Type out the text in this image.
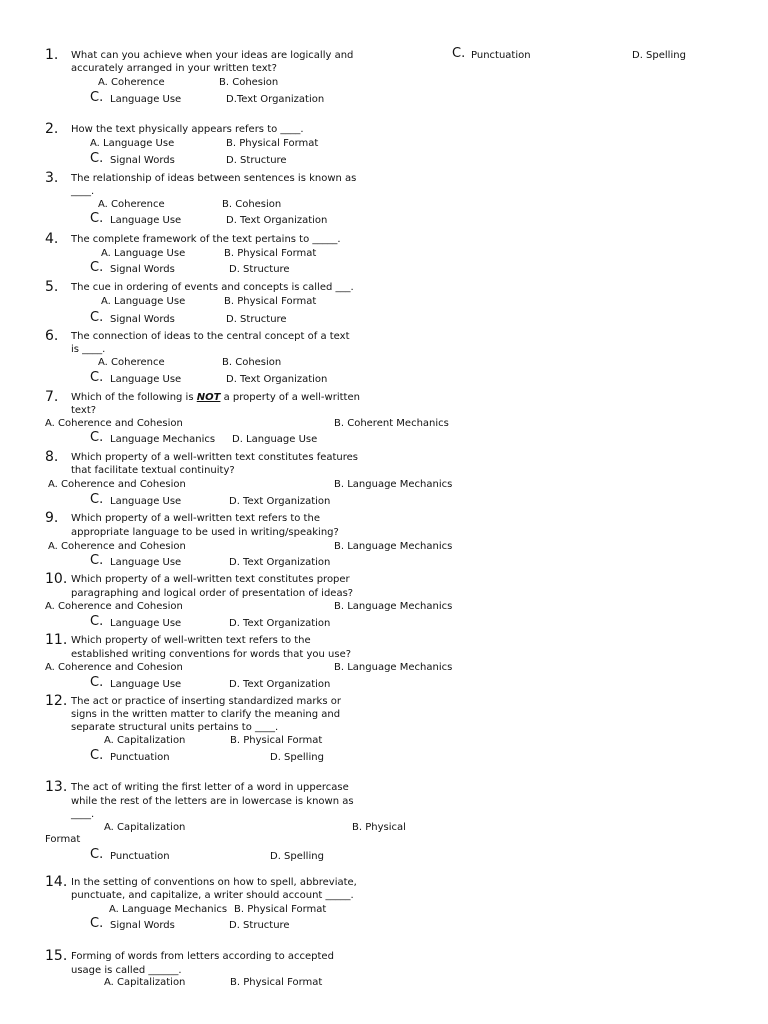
1. What can you achieve when your ideas are logically and
accurately arranged in your written text?
A. Coherence	B. Cohesion
C. Language Use	D.Text Organization
C. Punctuation	D. Spelling
2. How the text physically appears refers to ____.
A. Language Use	B. Physical Format
C. Signal Words	D. Structure
3. The relationship of ideas between sentences is known as
____.
A. Coherence	B. Cohesion
C. Language Use	D. Text Organization
4. The complete framework of the text pertains to _____.
A. Language Use	B. Physical Format
C. Signal Words	D. Structure
5. The cue in ordering of events and concepts is called ___.
A. Language Use	B. Physical Format
C. Signal Words	D. Structure
6. The connection of ideas to the central concept of a text
is ____.
A. Coherence	B. Cohesion
C. Language Use	D. Text Organization
7. Which of the following is NOT a property of a well-written
text?
A. Coherence and Cohesion	B. Coherent Mechanics
C. Language Mechanics D. Language Use
8. Which property of a well-written text constitutes features
that facilitate textual continuity?
A. Coherence and Cohesion	B. Language Mechanics
C. Language Use	D. Text Organization
9. Which property of a well-written text refers to the
appropriate language to be used in writing/speaking?
A. Coherence and Cohesion	B. Language Mechanics
C. Language Use	D. Text Organization
10. Which property of a well-written text constitutes proper
paragraphing and logical order of presentation of ideas?
A. Coherence and Cohesion	B. Language Mechanics
C. Language Use	D. Text Organization
11. Which property of well-written text refers to the
established writing conventions for words that you use?
A. Coherence and Cohesion	B. Language Mechanics
C. Language Use	D. Text Organization
12. The act or practice of inserting standardized marks or
signs in the written matter to clarify the meaning and
separate structural units pertains to ____.
A. Capitalization	B. Physical Format
C. Punctuation	D. Spelling
13. The act of writing the first letter of a word in uppercase
while the rest of the letters are in lowercase is known as
____.
A. Capitalization	B. Physical
Format
C. Punctuation	D. Spelling
14. In the setting of conventions on how to spell, abbreviate,
punctuate, and capitalize, a writer should account _____.
A. Language Mechanics B. Physical Format
C. Signal Words	D. Structure
15. Forming of words from letters according to accepted
usage is called ______.
A. Capitalization	B. Physical Format
